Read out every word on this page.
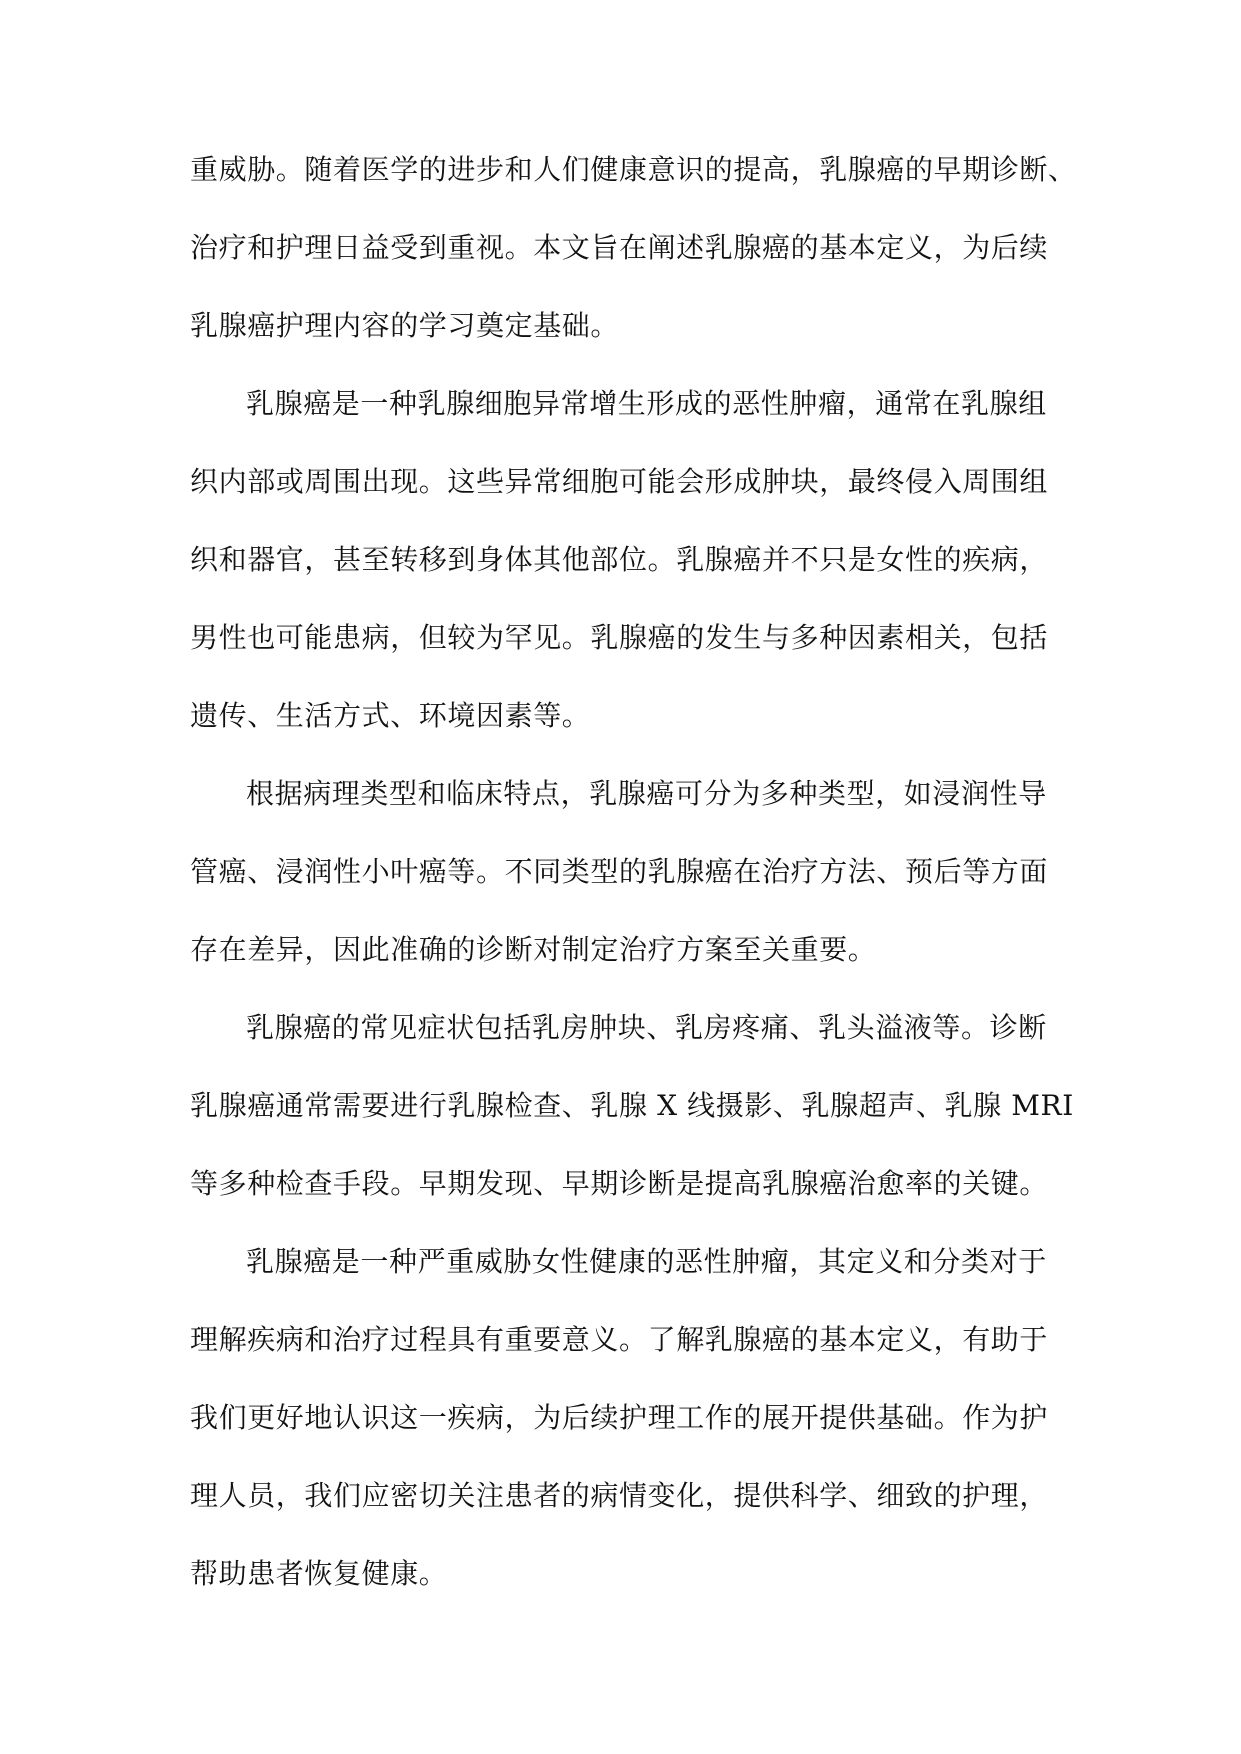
重威胁。随着医学的进步和人们健康意识的提高，乳腺癌的早期诊断、
治疗和护理日益受到重视。本文旨在阐述乳腺癌的基本定义，为后续
乳腺癌护理内容的学习奠定基础。
乳腺癌是一种乳腺细胞异常增生形成的恶性肿瘤，通常在乳腺组
织内部或周围出现。这些异常细胞可能会形成肿块，最终侵入周围组
织和器官，甚至转移到身体其他部位。乳腺癌并不只是女性的疾病，
男性也可能患病，但较为罕见。乳腺癌的发生与多种因素相关，包括
遗传、生活方式、环境因素等。
根据病理类型和临床特点，乳腺癌可分为多种类型，如浸润性导
管癌、浸润性小叶癌等。不同类型的乳腺癌在治疗方法、预后等方面
存在差异，因此准确的诊断对制定治疗方案至关重要。
乳腺癌的常见症状包括乳房肿块、乳房疼痛、乳头溢液等。诊断
乳腺癌通常需要进行乳腺检查、乳腺 X 线摄影、乳腺超声、乳腺 MRI
等多种检查手段。早期发现、早期诊断是提高乳腺癌治愈率的关键。
乳腺癌是一种严重威胁女性健康的恶性肿瘤，其定义和分类对于
理解疾病和治疗过程具有重要意义。了解乳腺癌的基本定义，有助于
我们更好地认识这一疾病，为后续护理工作的展开提供基础。作为护
理人员，我们应密切关注患者的病情变化，提供科学、细致的护理，
帮助患者恢复健康。
